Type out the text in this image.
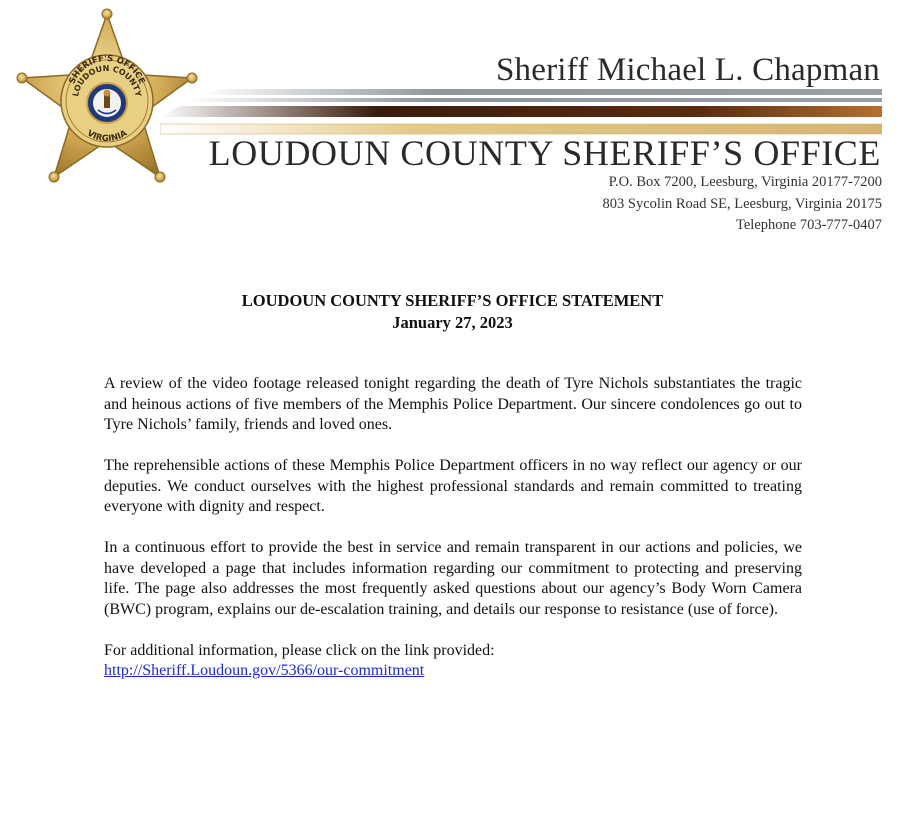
SHERIFF'S OFFICE
LOUDOUN COUNTY
VIRGINIA
Sheriff Michael L. Chapman
LOUDOUN COUNTY SHERIFF’S OFFICE
P.O. Box 7200, Leesburg, Virginia 20177-7200
803 Sycolin Road SE, Leesburg, Virginia 20175
Telephone 703-777-0407
LOUDOUN COUNTY SHERIFF’S OFFICE STATEMENT
January 27, 2023

A review of the video footage released tonight regarding the death of Tyre Nichols substantiates the tragic and heinous actions of five members of the Memphis Police Department. Our sincere condolences go out to Tyre Nichols’ family, friends and loved ones.

The reprehensible actions of these Memphis Police Department officers in no way reflect our agency or our deputies. We conduct ourselves with the highest professional standards and remain committed to treating everyone with dignity and respect.

In a continuous effort to provide the best in service and remain transparent in our actions and policies, we have developed a page that includes information regarding our commitment to protecting and preserving life. The page also addresses the most frequently asked questions about our agency’s Body Worn Camera (BWC) program, explains our de-escalation training, and details our response to resistance (use of force).

For additional information, please click on the link provided:
http://Sheriff.Loudoun.gov/5366/our-commitment
